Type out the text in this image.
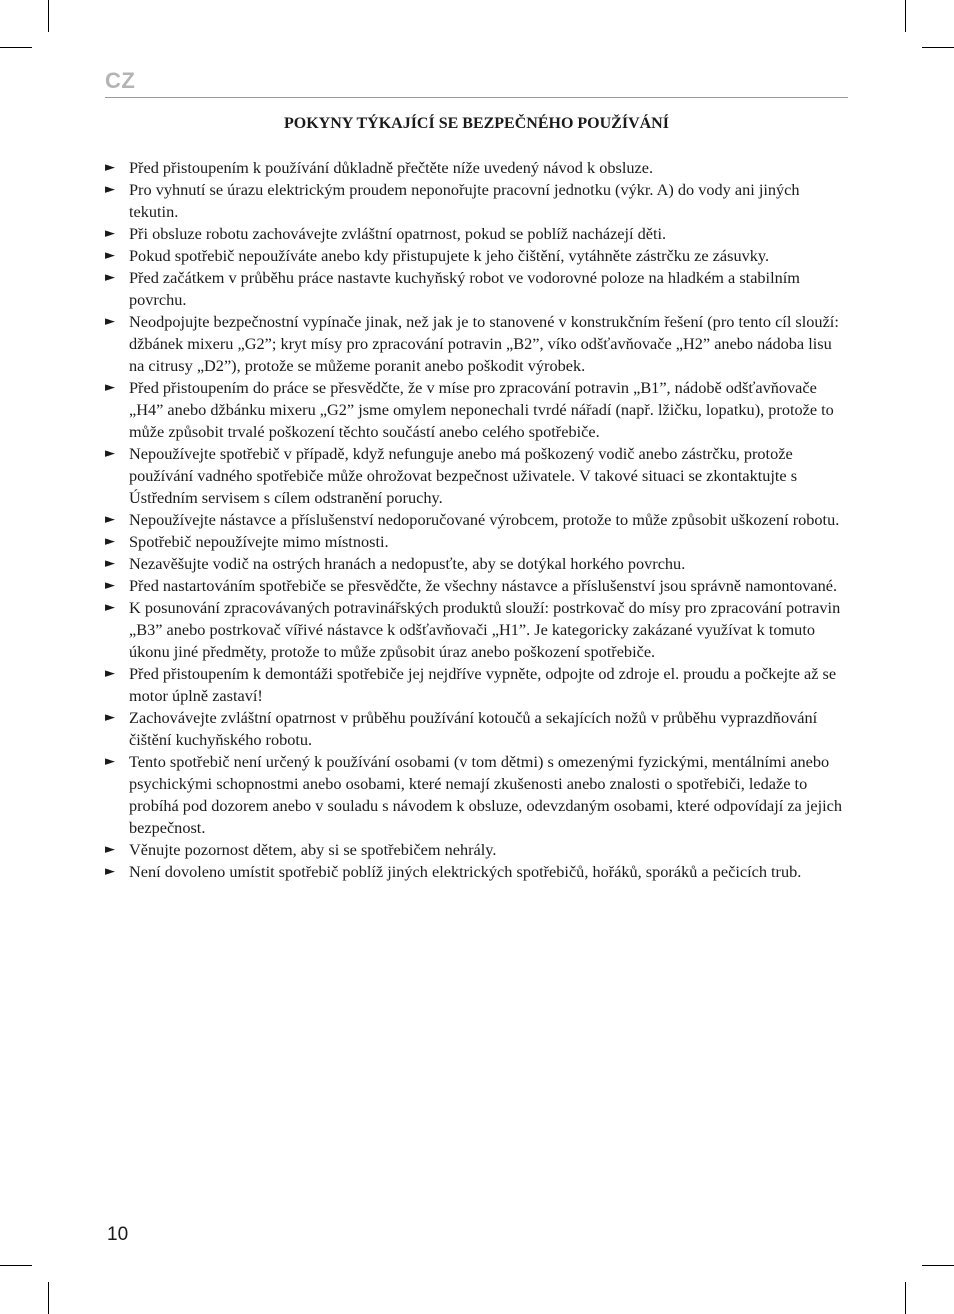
CZ
POKYNY TÝKAJÍCÍ SE BEZPEČNÉHO POUŽÍVÁNÍ
► Před přistoupením k používání důkladně přečtěte níže uvedený návod k obsluze.
► Pro vyhnutí se úrazu elektrickým proudem neponořujte pracovní jednotku (výkr. A) do vody ani jiných tekutin.
► Při obsluze robotu zachovávejte zvláštní opatrnost, pokud se poblíž nacházejí děti.
► Pokud spotřebič nepoužíváte anebo kdy přistupujete k jeho čištění, vytáhněte zástrčku ze zásuvky.
► Před začátkem v průběhu práce nastavte kuchyňský robot ve vodorovné poloze na hladkém a stabilním povrchu.
► Neodpojujte bezpečnostní vypínače jinak, než jak je to stanovené v konstrukčním řešení (pro tento cíl slouží: džbánek mixeru „G2”; kryt mísy pro zpracování potravin „B2”, víko odšťavňovače „H2” anebo nádoba lisu na citrusy „D2”), protože se můžeme poranit anebo poškodit výrobek.
► Před přistoupením do práce se přesvědčte, že v míse pro zpracování potravin „B1”, nádobě odšťavňovače „H4” anebo džbánku mixeru „G2” jsme omylem neponechali tvrdé nářadí (např. lžičku, lopatku), protože to může způsobit trvalé poškození těchto součástí anebo celého spotřebiče.
► Nepoužívejte spotřebič v případě, když nefunguje anebo má poškozený vodič anebo zástrčku, protože používání vadného spotřebiče může ohrožovat bezpečnost uživatele. V takové situaci se zkontaktujte s Ústředním servisem s cílem odstranění poruchy.
► Nepoužívejte nástavce a příslušenství nedoporučované výrobcem, protože to může způsobit uškození robotu.
► Spotřebič nepoužívejte mimo místnosti.
► Nezavěšujte vodič na ostrých hranách a nedopusťte, aby se dotýkal horkého povrchu.
► Před nastartováním spotřebiče se přesvědčte, že všechny nástavce a příslušenství jsou správně namontované.
► K posunování zpracovávaných potravinářských produktů slouží: postrkovač do mísy pro zpracování potravin „B3” anebo postrkovač vířivé nástavce k odšťavňovači „H1”. Je kategoricky zakázané využívat k tomuto úkonu jiné předměty, protože to může způsobit úraz anebo poškození spotřebiče.
► Před přistoupením k demontáži spotřebiče jej nejdříve vypněte, odpojte od zdroje el. proudu a počkejte až se motor úplně zastaví!
► Zachovávejte zvláštní opatrnost v průběhu používání kotoučů a sekajících nožů v průběhu vyprazdňování čištění kuchyňského robotu.
► Tento spotřebič není určený k používání osobami (v tom dětmi) s omezenými fyzickými, mentálními anebo psychickými schopnostmi anebo osobami, které nemají zkušenosti anebo znalosti o spotřebiči, ledaže to probíhá pod dozorem anebo v souladu s návodem k obsluze, odevzdaným osobami, které odpovídají za jejich bezpečnost.
► Věnujte pozornost dětem, aby si se spotřebičem nehrály.
► Není dovoleno umístit spotřebič poblíž jiných elektrických spotřebičů, hořáků, sporáků a pečicích trub.
10
